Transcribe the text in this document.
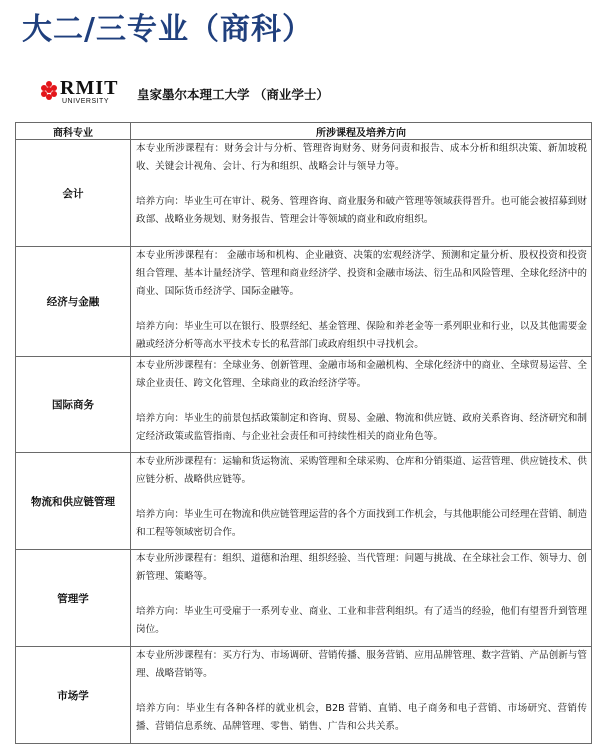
大二/三专业（商科）
RMIT
UNIVERSITY 皇家墨尔本理工大学 （商业学士）
商科专业	所涉课程及培养方向
会计	本专业所涉课程有：财务会计与分析、管理咨询财务、财务问责和报告、成本分析和组织决策、新加坡税收、关键会计视角、会计、行为和组织、战略会计与领导力等。

培养方向：毕业生可在审计、税务、管理咨询、商业服务和破产管理等领域获得晋升。也可能会被招募到财政部、战略业务规划、财务报告、管理会计等领域的商业和政府组织。

经济与金融	本专业所涉课程有： 金融市场和机构、企业融资、决策的宏观经济学、预测和定量分析、股权投资和投资组合管理、基本计量经济学、管理和商业经济学、投资和金融市场法、衍生品和风险管理、全球化经济中的商业、国际货币经济学、国际金融等。

培养方向：毕业生可以在银行、股票经纪、基金管理、保险和养老金等一系列职业和行业，以及其他需要金融或经济分析等高水平技术专长的私营部门或政府组织中寻找机会。

国际商务	本专业所涉课程有：全球业务、创新管理、金融市场和金融机构、全球化经济中的商业、全球贸易运营、全球企业责任、跨文化管理、全球商业的政治经济学等。

培养方向：毕业生的前景包括政策制定和咨询、贸易、金融、物流和供应链、政府关系咨询、经济研究和制定经济政策或监管指南、与企业社会责任和可持续性相关的商业角色等。

物流和供应链管理	本专业所涉课程有：运输和货运物流、采购管理和全球采购、仓库和分销渠道、运营管理、供应链技术、供应链分析、战略供应链等。

培养方向：毕业生可在物流和供应链管理运营的各个方面找到工作机会，与其他职能公司经理在营销、制造和工程等领域密切合作。

管理学	本专业所涉课程有：组织、道德和治理、组织经验、当代管理：问题与挑战、在全球社会工作、领导力、创新管理、策略等。

培养方向：毕业生可受雇于一系列专业、商业、工业和非营利组织。有了适当的经验，他们有望晋升到管理岗位。

市场学	本专业所涉课程有：买方行为、市场调研、营销传播、服务营销、应用品牌管理、数字营销、产品创新与管理、战略营销等。

培养方向：毕业生有各种各样的就业机会，B2B 营销、直销、电子商务和电子营销、市场研究、营销传播、营销信息系统、品牌管理、零售、销售、广告和公共关系。
